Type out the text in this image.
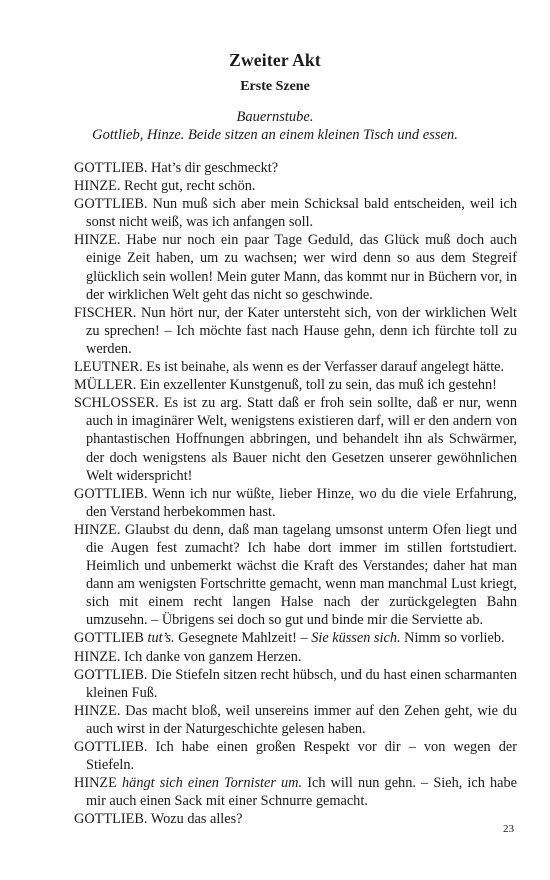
Zweiter Akt
Erste Szene
Bauernstube.
Gottlieb, Hinze. Beide sitzen an einem kleinen Tisch und essen.

GOTTLIEB. Hat’s dir geschmeckt?

HINZE. Recht gut, recht schön.

GOTTLIEB. Nun muß sich aber mein Schicksal bald entscheiden, weil ich sonst nicht weiß, was ich anfangen soll.

HINZE. Habe nur noch ein paar Tage Geduld, das Glück muß doch auch einige Zeit haben, um zu wachsen; wer wird denn so aus dem Stegreif glücklich sein wollen! Mein guter Mann, das kommt nur in Büchern vor, in der wirklichen Welt geht das nicht so geschwinde.

FISCHER. Nun hört nur, der Kater untersteht sich, von der wirklichen Welt zu sprechen! – Ich möchte fast nach Hause gehn, denn ich fürchte toll zu werden.

LEUTNER. Es ist beinahe, als wenn es der Verfasser darauf angelegt hätte.

MÜLLER. Ein exzellenter Kunstgenuß, toll zu sein, das muß ich gestehn!

SCHLOSSER. Es ist zu arg. Statt daß er froh sein sollte, daß er nur, wenn auch in imaginärer Welt, wenigstens existieren darf, will er den andern von phantastischen Hoffnungen abbringen, und behandelt ihn als Schwärmer, der doch wenigstens als Bauer nicht den Gesetzen unserer gewöhnlichen Welt widerspricht!

GOTTLIEB. Wenn ich nur wüßte, lieber Hinze, wo du die viele Erfahrung, den Verstand herbekommen hast.

HINZE. Glaubst du denn, daß man tagelang umsonst unterm Ofen liegt und die Augen fest zumacht? Ich habe dort immer im stillen fortstudiert. Heimlich und unbemerkt wächst die Kraft des Verstandes; daher hat man dann am wenigsten Fortschritte gemacht, wenn man manchmal Lust kriegt, sich mit einem recht langen Halse nach der zurückgelegten Bahn umzusehn. – Übrigens sei doch so gut und binde mir die Serviette ab.

GOTTLIEB tut’s. Gesegnete Mahlzeit! – Sie küssen sich. Nimm so vorlieb.

HINZE. Ich danke von ganzem Herzen.

GOTTLIEB. Die Stiefeln sitzen recht hübsch, und du hast einen scharmanten kleinen Fuß.

HINZE. Das macht bloß, weil unsereins immer auf den Zehen geht, wie du auch wirst in der Naturgeschichte gelesen haben.

GOTTLIEB. Ich habe einen großen Respekt vor dir – von wegen der Stiefeln.

HINZE hängt sich einen Tornister um. Ich will nun gehn. – Sieh, ich habe mir auch einen Sack mit einer Schnurre gemacht.

GOTTLIEB. Wozu das alles?

23
